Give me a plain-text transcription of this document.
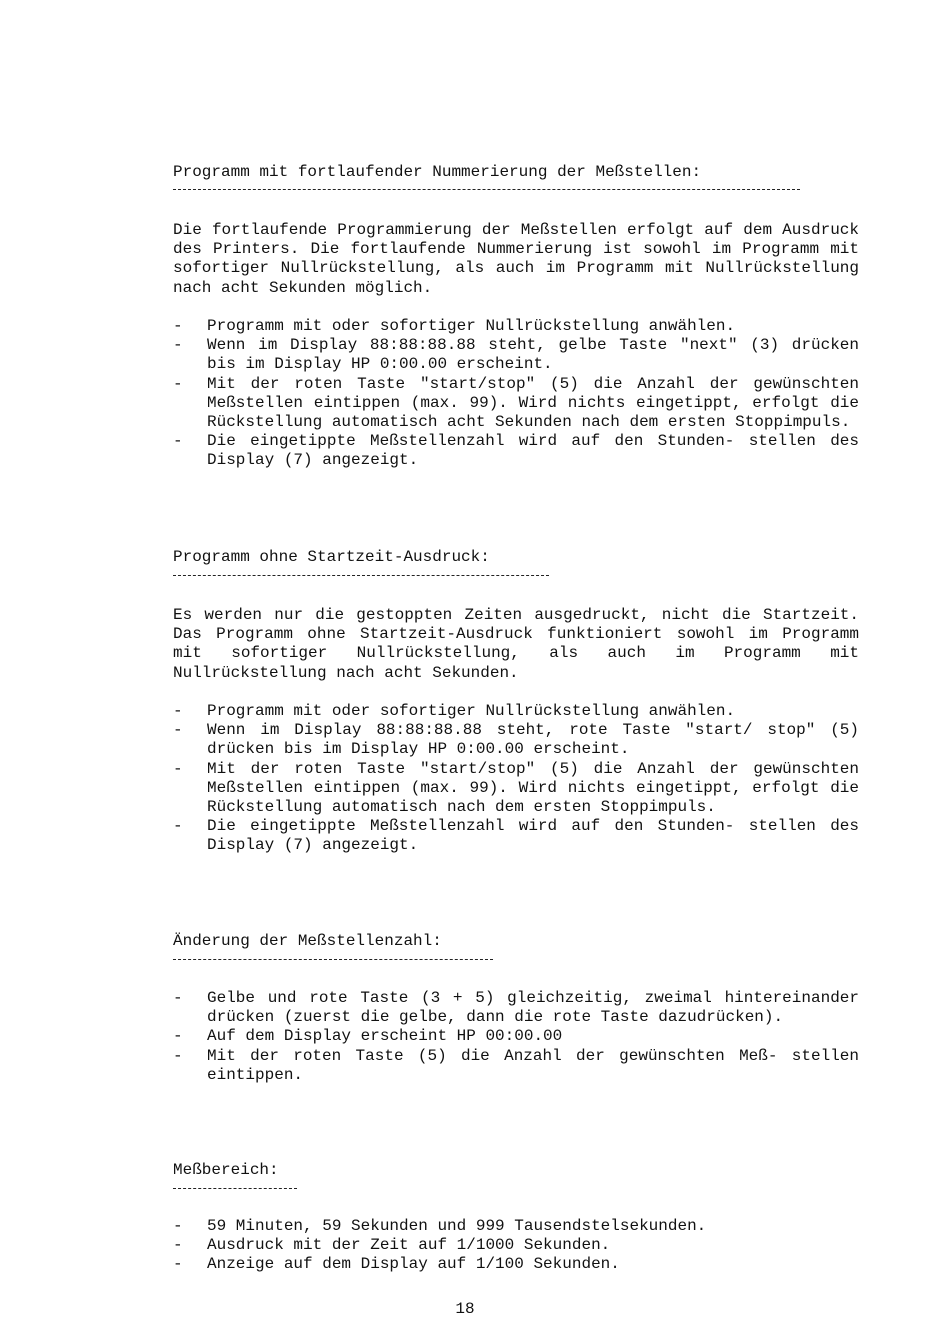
Programm mit fortlaufender Nummerierung der Meßstellen:
Die fortlaufende Programmierung der Meßstellen erfolgt auf dem Ausdruck des Printers. Die fortlaufende Nummerierung ist sowohl im Programm mit sofortiger Nullrückstellung, als auch im Programm mit Nullrückstellung nach acht Sekunden möglich.
- Programm mit oder sofortiger Nullrückstellung anwählen.
- Wenn im Display 88:88:88.88 steht, gelbe Taste "next" (3) drücken bis im Display HP 0:00.00 erscheint.
- Mit der roten Taste "start/stop" (5) die Anzahl der gewünschten Meßstellen eintippen (max. 99). Wird nichts eingetippt, erfolgt die Rückstellung automatisch acht Sekunden nach dem ersten Stoppimpuls.
- Die eingetippte Meßstellenzahl wird auf den Stunden- stellen des Display (7) angezeigt.
Programm ohne Startzeit-Ausdruck:
Es werden nur die gestoppten Zeiten ausgedruckt, nicht die Startzeit. Das Programm ohne Startzeit-Ausdruck funktioniert sowohl im Programm mit sofortiger Nullrückstellung, als auch im Programm mit Nullrückstellung nach acht Sekunden.
- Programm mit oder sofortiger Nullrückstellung anwählen.
- Wenn im Display 88:88:88.88 steht, rote Taste "start/ stop" (5) drücken bis im Display HP 0:00.00 erscheint.
- Mit der roten Taste "start/stop" (5) die Anzahl der gewünschten Meßstellen eintippen (max. 99). Wird nichts eingetippt, erfolgt die Rückstellung automatisch nach dem ersten Stoppimpuls.
- Die eingetippte Meßstellenzahl wird auf den Stunden- stellen des Display (7) angezeigt.
Änderung der Meßstellenzahl:
- Gelbe und rote Taste (3 + 5) gleichzeitig, zweimal hintereinander drücken (zuerst die gelbe, dann die rote Taste dazudrücken).
- Auf dem Display erscheint HP 00:00.00
- Mit der roten Taste (5) die Anzahl der gewünschten Meß- stellen eintippen.
Meßbereich:
- 59 Minuten, 59 Sekunden und 999 Tausendstelsekunden.
- Ausdruck mit der Zeit auf 1/1000 Sekunden.
- Anzeige auf dem Display auf 1/100 Sekunden.
18
